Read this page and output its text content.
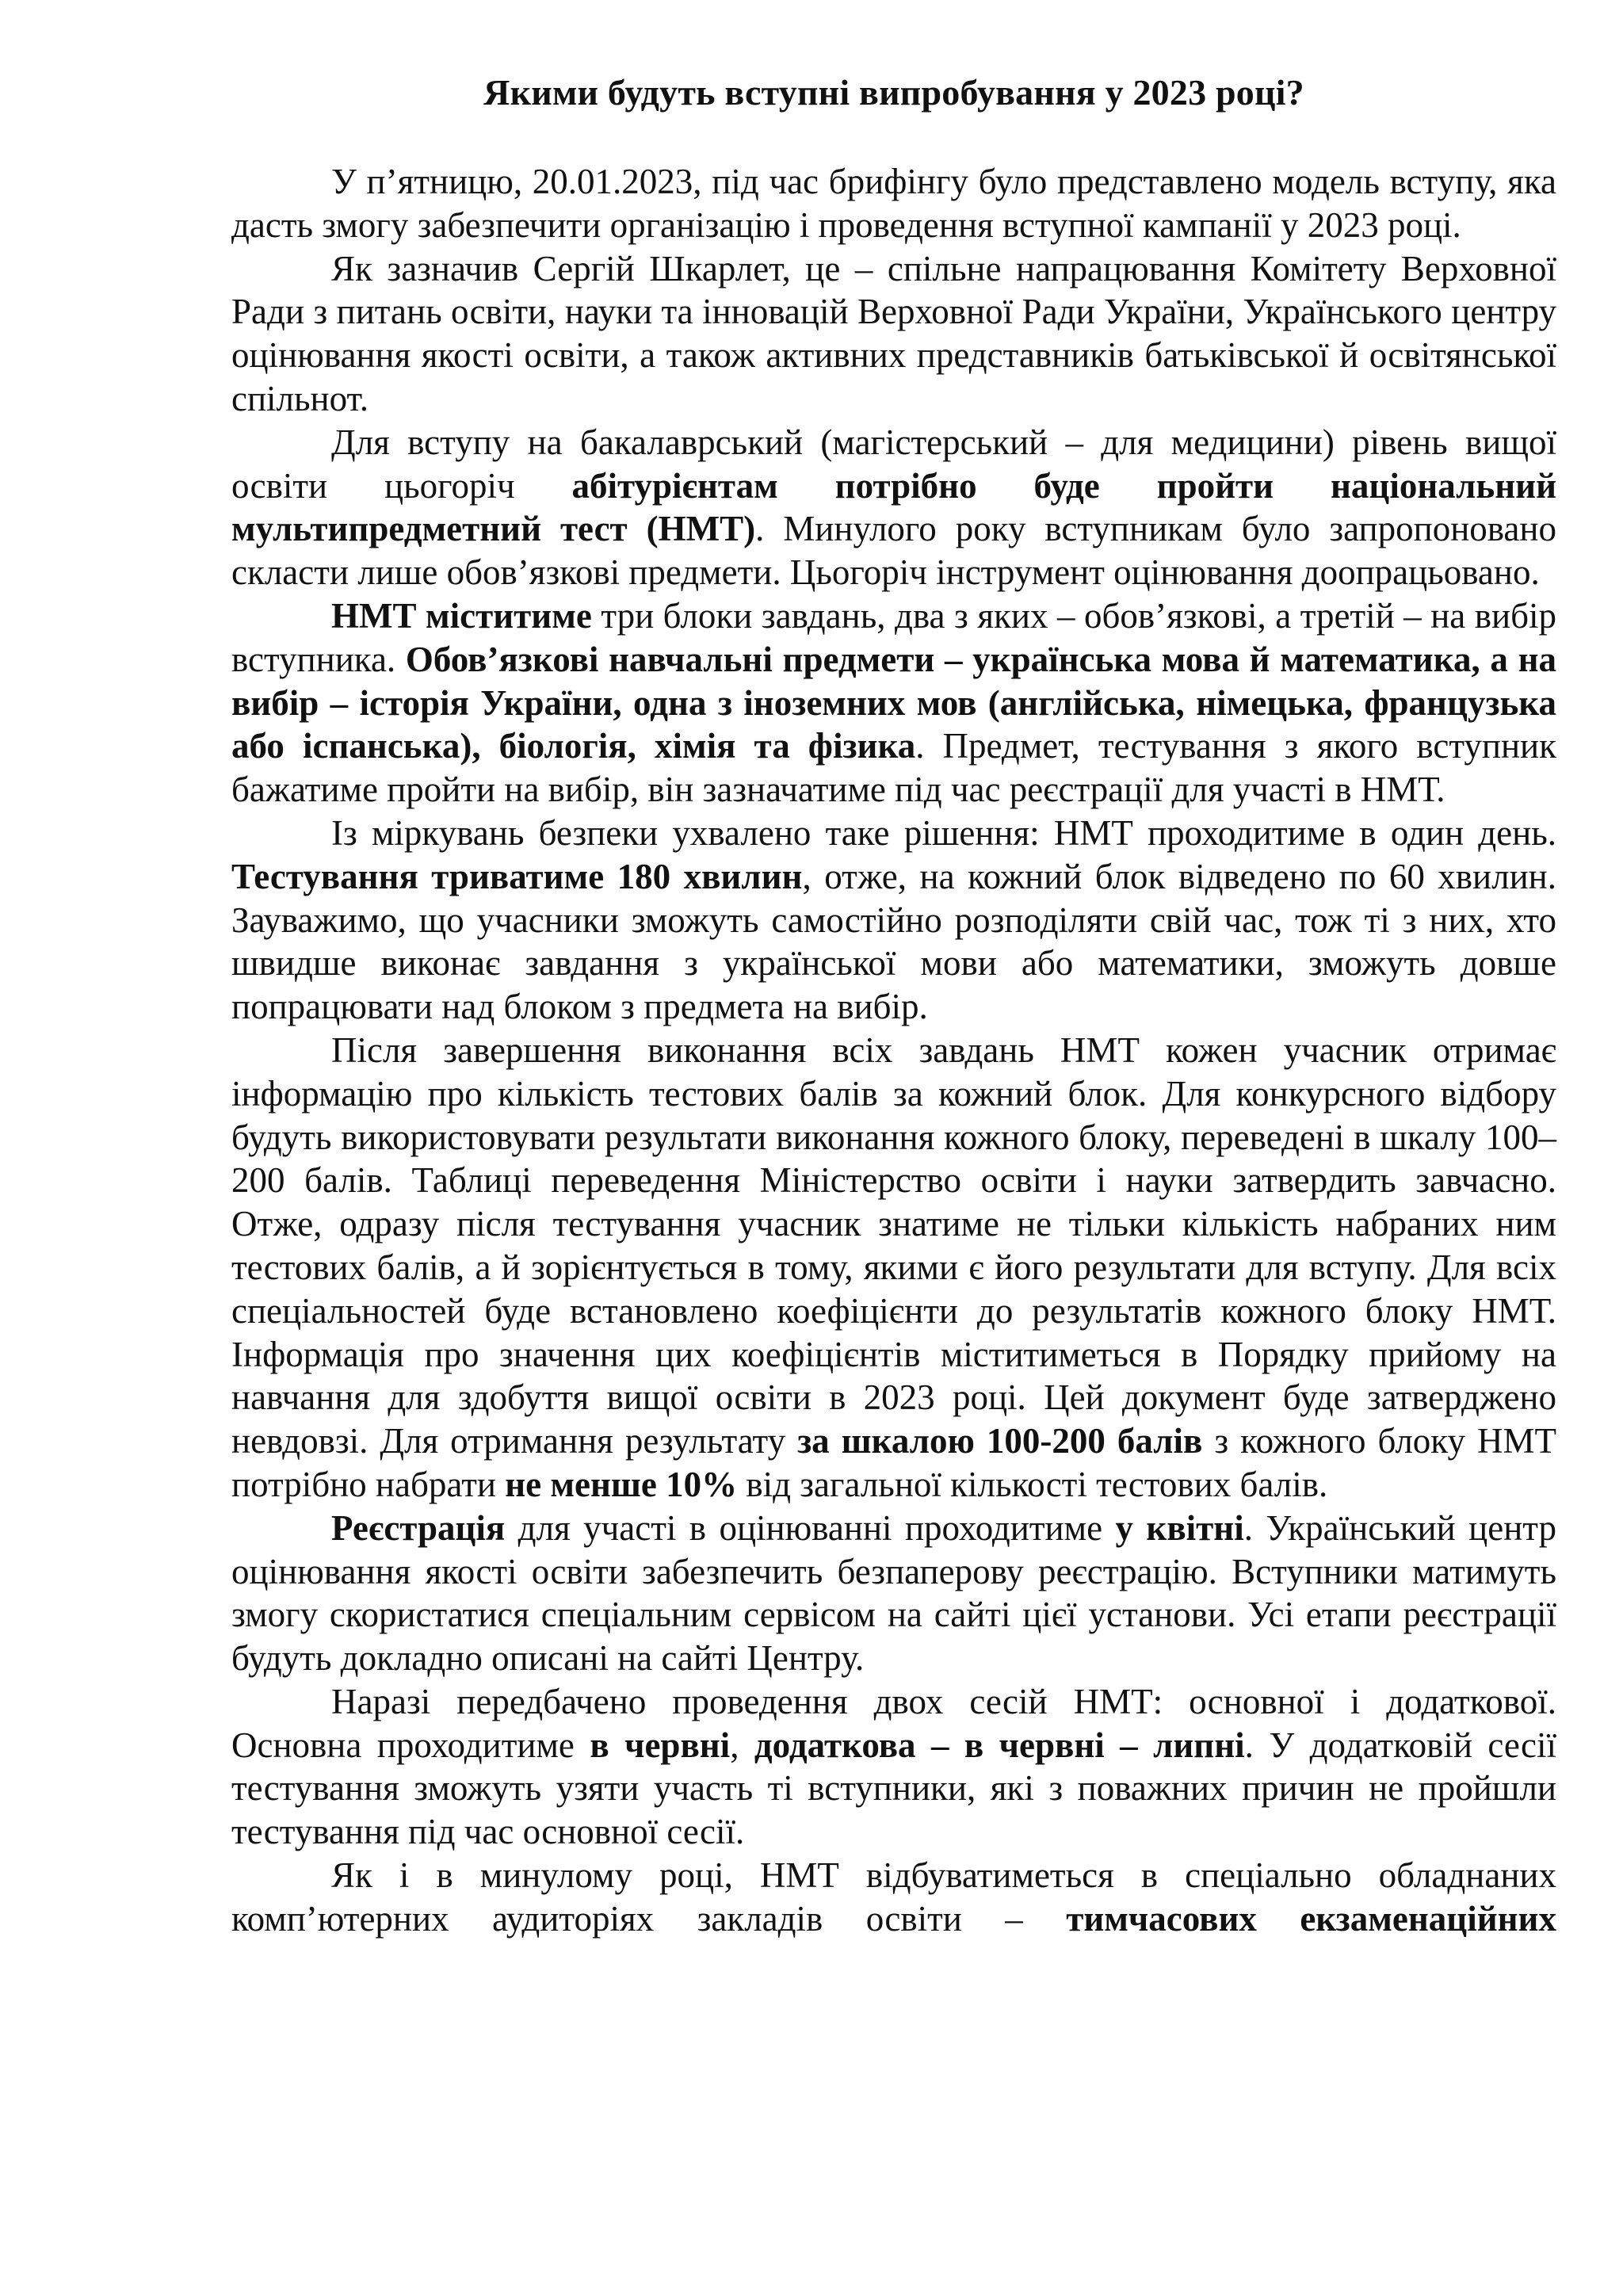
Якими будуть вступні випробування у 2023 році?

У п’ятницю, 20.01.2023, під час брифінгу було представлено модель вступу, яка дасть змогу забезпечити організацію і проведення вступної кампанії у 2023 році.

Як зазначив Сергій Шкарлет, це – спільне напрацювання Комітету Верховної Ради з питань освіти, науки та інновацій Верховної Ради України, Українського центру оцінювання якості освіти, а також активних представників батьківської й освітянської спільнот.

Для вступу на бакалаврський (магістерський – для медицини) рівень вищої освіти цьогоріч абітурієнтам потрібно буде пройти національний мультипредметний тест (НМТ). Минулого року вступникам було запропоновано скласти лише обов’язкові предмети. Цьогоріч інструмент оцінювання доопрацьовано.

НМТ міститиме три блоки завдань, два з яких – обов’язкові, а третій – на вибір вступника. Обов’язкові навчальні предмети – українська мова й математика, а на вибір – історія України, одна з іноземних мов (англійська, німецька, французька або іспанська), біологія, хімія та фізика. Предмет, тестування з якого вступник бажатиме пройти на вибір, він зазначатиме під час реєстрації для участі в НМТ.

Із міркувань безпеки ухвалено таке рішення: НМТ проходитиме в один день. Тестування триватиме 180 хвилин, отже, на кожний блок відведено по 60 хвилин. Зауважимо, що учасники зможуть самостійно розподіляти свій час, тож ті з них, хто швидше виконає завдання з української мови або математики, зможуть довше попрацювати над блоком з предмета на вибір.

Після завершення виконання всіх завдань НМТ кожен учасник отримає інформацію про кількість тестових балів за кожний блок. Для конкурсного відбору будуть використовувати результати виконання кожного блоку, переведені в шкалу 100–200 балів. Таблиці переведення Міністерство освіти і науки затвердить завчасно. Отже, одразу після тестування учасник знатиме не тільки кількість набраних ним тестових балів, а й зорієнтується в тому, якими є його результати для вступу. Для всіх спеціальностей буде встановлено коефіцієнти до результатів кожного блоку НМТ. Інформація про значення цих коефіцієнтів міститиметься в Порядку прийому на навчання для здобуття вищої освіти в 2023 році. Цей документ буде затверджено невдовзі. Для отримання результату за шкалою 100-200 балів з кожного блоку НМТ потрібно набрати не менше 10% від загальної кількості тестових балів.

Реєстрація для участі в оцінюванні проходитиме у квітні. Український центр оцінювання якості освіти забезпечить безпаперову реєстрацію. Вступники матимуть змогу скористатися спеціальним сервісом на сайті цієї установи. Усі етапи реєстрації будуть докладно описані на сайті Центру.

Наразі передбачено проведення двох сесій НМТ: основної і додаткової. Основна проходитиме в червні, додаткова – в червні – липні. У додатковій сесії тестування зможуть узяти участь ті вступники, які з поважних причин не пройшли тестування під час основної сесії.

Як і в минулому році, НМТ відбуватиметься в спеціально обладнаних комп’ютерних аудиторіях закладів освіти – тимчасових екзаменаційних
